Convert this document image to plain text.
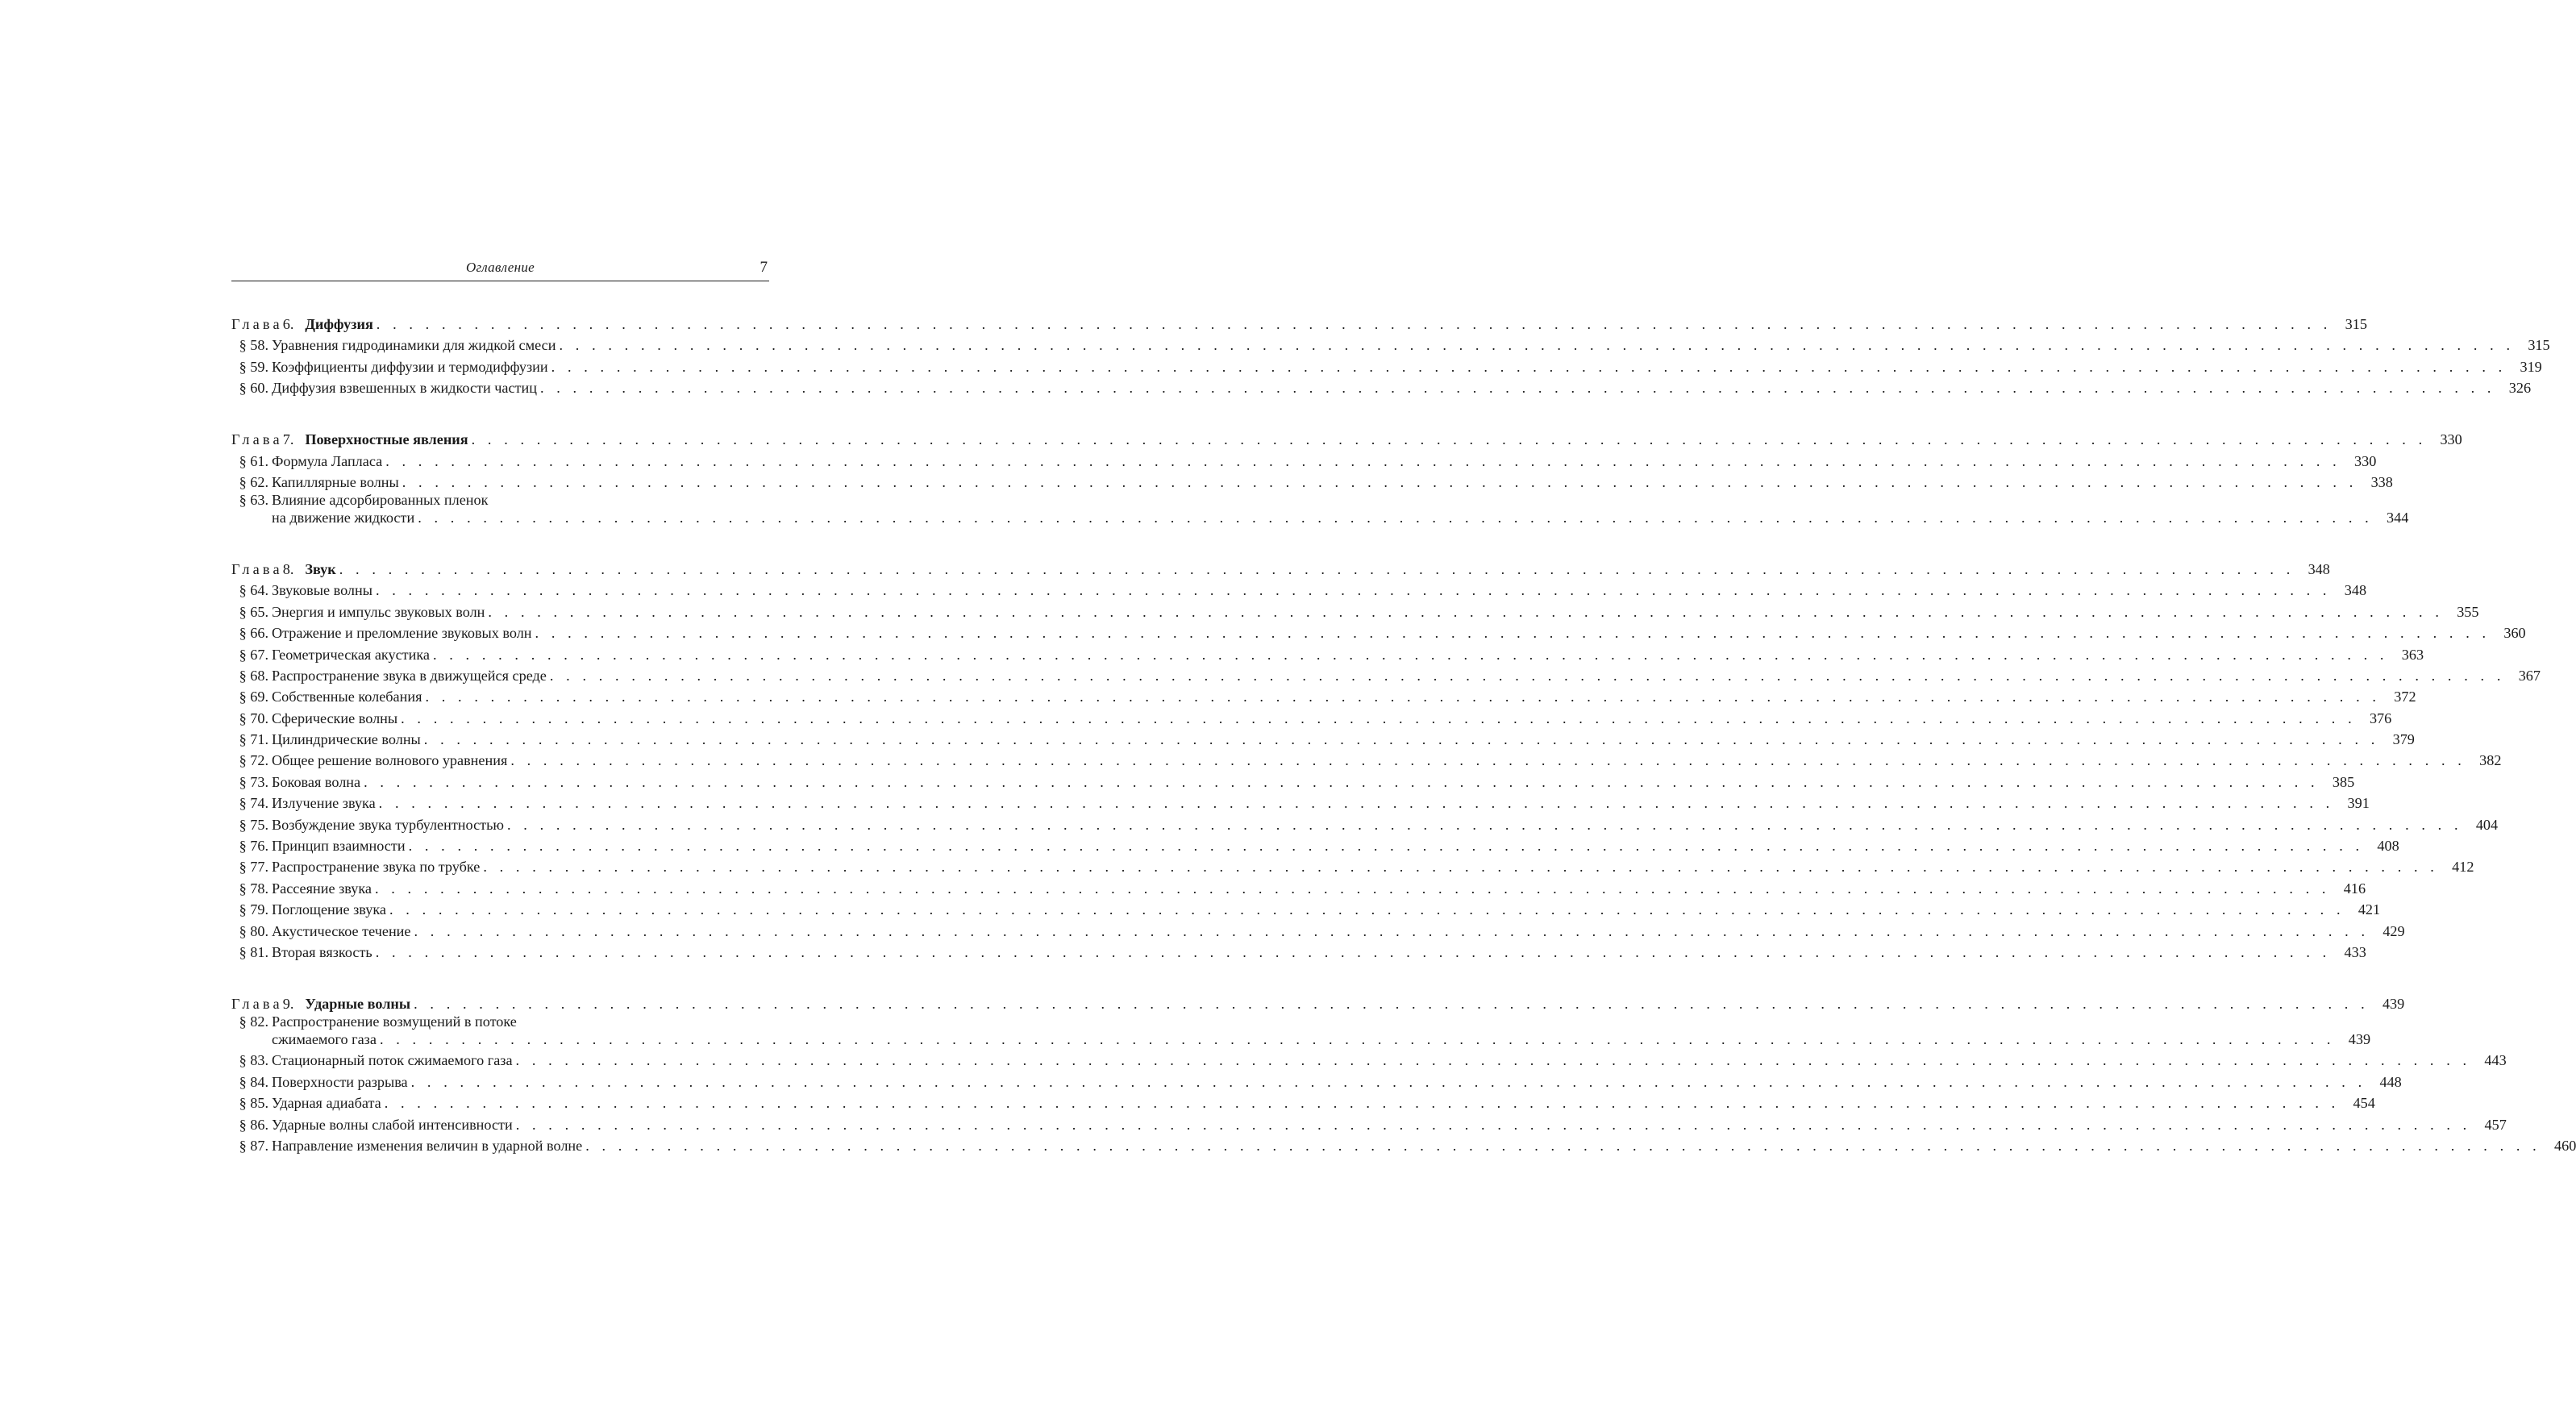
Оглавление	7
Глава 6. Диффузия . . . . . . . . . . . . . . . . . . . . . . . . . . . . . . . . . . . . . . . . . . . . . . . . . . . . . . . . . . . . . . . . . . . . . . . . . . . . . . . . . . . . . . . . . . . . . . . . . . . . . . . . . . . . . . . . . . . . . . . . 315
§ 58. Уравнения гидродинамики для жидкой смеси . . . . . . . . . . . . . . . . . . . . . . . . . . . . . . . . . . . . . . . . . . . . . . . . . . . . . . . . . . . . . . . . . . . . . . . . . . . . . . . . . . . . . . . . . . . . . . . . . . . . . . . . . . . . . . . . . . . . . . . . 315
§ 59. Коэффициенты диффузии и термодиффузии . . . . . . . . . . . . . . . . . . . . . . . . . . . . . . . . . . . . . . . . . . . . . . . . . . . . . . . . . . . . . . . . . . . . . . . . . . . . . . . . . . . . . . . . . . . . . . . . . . . . . . . . . . . . . . . . . . . . . . . . 319
§ 60. Диффузия взвешенных в жидкости частиц . . . . . . . . . . . . . . . . . . . . . . . . . . . . . . . . . . . . . . . . . . . . . . . . . . . . . . . . . . . . . . . . . . . . . . . . . . . . . . . . . . . . . . . . . . . . . . . . . . . . . . . . . . . . . . . . . . . . . . . . 326
Глава 7. Поверхностные явления . . . . . . . . . . . . . . . . . . . . . . . . . . . . . . . . . . . . . . . . . . . . . . . . . . . . . . . . . . . . . . . . . . . . . . . . . . . . . . . . . . . . . . . . . . . . . . . . . . . . . . . . . . . . . . . . . . . . . . . . 330
§ 61. Формула Лапласа . . . . . . . . . . . . . . . . . . . . . . . . . . . . . . . . . . . . . . . . . . . . . . . . . . . . . . . . . . . . . . . . . . . . . . . . . . . . . . . . . . . . . . . . . . . . . . . . . . . . . . . . . . . . . . . . . . . . . . . . 330
§ 62. Капиллярные волны . . . . . . . . . . . . . . . . . . . . . . . . . . . . . . . . . . . . . . . . . . . . . . . . . . . . . . . . . . . . . . . . . . . . . . . . . . . . . . . . . . . . . . . . . . . . . . . . . . . . . . . . . . . . . . . . . . . . . . . . 338
§ 63. Влияние адсорбированных пленок
на движение жидкости . . . . . . . . . . . . . . . . . . . . . . . . . . . . . . . . . . . . . . . . . . . . . . . . . . . . . . . . . . . . . . . . . . . . . . . . . . . . . . . . . . . . . . . . . . . . . . . . . . . . . . . . . . . . . . . . . . . . . . . . 344
Глава 8. Звук . . . . . . . . . . . . . . . . . . . . . . . . . . . . . . . . . . . . . . . . . . . . . . . . . . . . . . . . . . . . . . . . . . . . . . . . . . . . . . . . . . . . . . . . . . . . . . . . . . . . . . . . . . . . . . . . . . . . . . . . 348
§ 64. Звуковые волны . . . . . . . . . . . . . . . . . . . . . . . . . . . . . . . . . . . . . . . . . . . . . . . . . . . . . . . . . . . . . . . . . . . . . . . . . . . . . . . . . . . . . . . . . . . . . . . . . . . . . . . . . . . . . . . . . . . . . . . . 348
§ 65. Энергия и импульс звуковых волн . . . . . . . . . . . . . . . . . . . . . . . . . . . . . . . . . . . . . . . . . . . . . . . . . . . . . . . . . . . . . . . . . . . . . . . . . . . . . . . . . . . . . . . . . . . . . . . . . . . . . . . . . . . . . . . . . . . . . . . . 355
§ 66. Отражение и преломление звуковых волн . . . . . . . . . . . . . . . . . . . . . . . . . . . . . . . . . . . . . . . . . . . . . . . . . . . . . . . . . . . . . . . . . . . . . . . . . . . . . . . . . . . . . . . . . . . . . . . . . . . . . . . . . . . . . . . . . . . . . . . . 360
§ 67. Геометрическая акустика . . . . . . . . . . . . . . . . . . . . . . . . . . . . . . . . . . . . . . . . . . . . . . . . . . . . . . . . . . . . . . . . . . . . . . . . . . . . . . . . . . . . . . . . . . . . . . . . . . . . . . . . . . . . . . . . . . . . . . . . 363
§ 68. Распространение звука в движущейся среде . . . . . . . . . . . . . . . . . . . . . . . . . . . . . . . . . . . . . . . . . . . . . . . . . . . . . . . . . . . . . . . . . . . . . . . . . . . . . . . . . . . . . . . . . . . . . . . . . . . . . . . . . . . . . . . . . . . . . . . . 367
§ 69. Собственные колебания . . . . . . . . . . . . . . . . . . . . . . . . . . . . . . . . . . . . . . . . . . . . . . . . . . . . . . . . . . . . . . . . . . . . . . . . . . . . . . . . . . . . . . . . . . . . . . . . . . . . . . . . . . . . . . . . . . . . . . . . 372
§ 70. Сферические волны . . . . . . . . . . . . . . . . . . . . . . . . . . . . . . . . . . . . . . . . . . . . . . . . . . . . . . . . . . . . . . . . . . . . . . . . . . . . . . . . . . . . . . . . . . . . . . . . . . . . . . . . . . . . . . . . . . . . . . . . 376
§ 71. Цилиндрические волны . . . . . . . . . . . . . . . . . . . . . . . . . . . . . . . . . . . . . . . . . . . . . . . . . . . . . . . . . . . . . . . . . . . . . . . . . . . . . . . . . . . . . . . . . . . . . . . . . . . . . . . . . . . . . . . . . . . . . . . . 379
§ 72. Общее решение волнового уравнения . . . . . . . . . . . . . . . . . . . . . . . . . . . . . . . . . . . . . . . . . . . . . . . . . . . . . . . . . . . . . . . . . . . . . . . . . . . . . . . . . . . . . . . . . . . . . . . . . . . . . . . . . . . . . . . . . . . . . . . . 382
§ 73. Боковая волна . . . . . . . . . . . . . . . . . . . . . . . . . . . . . . . . . . . . . . . . . . . . . . . . . . . . . . . . . . . . . . . . . . . . . . . . . . . . . . . . . . . . . . . . . . . . . . . . . . . . . . . . . . . . . . . . . . . . . . . . 385
§ 74. Излучение звука . . . . . . . . . . . . . . . . . . . . . . . . . . . . . . . . . . . . . . . . . . . . . . . . . . . . . . . . . . . . . . . . . . . . . . . . . . . . . . . . . . . . . . . . . . . . . . . . . . . . . . . . . . . . . . . . . . . . . . . . 391
§ 75. Возбуждение звука турбулентностью . . . . . . . . . . . . . . . . . . . . . . . . . . . . . . . . . . . . . . . . . . . . . . . . . . . . . . . . . . . . . . . . . . . . . . . . . . . . . . . . . . . . . . . . . . . . . . . . . . . . . . . . . . . . . . . . . . . . . . . . 404
§ 76. Принцип взаимности . . . . . . . . . . . . . . . . . . . . . . . . . . . . . . . . . . . . . . . . . . . . . . . . . . . . . . . . . . . . . . . . . . . . . . . . . . . . . . . . . . . . . . . . . . . . . . . . . . . . . . . . . . . . . . . . . . . . . . . . 408
§ 77. Распространение звука по трубке . . . . . . . . . . . . . . . . . . . . . . . . . . . . . . . . . . . . . . . . . . . . . . . . . . . . . . . . . . . . . . . . . . . . . . . . . . . . . . . . . . . . . . . . . . . . . . . . . . . . . . . . . . . . . . . . . . . . . . . . 412
§ 78. Рассеяние звука . . . . . . . . . . . . . . . . . . . . . . . . . . . . . . . . . . . . . . . . . . . . . . . . . . . . . . . . . . . . . . . . . . . . . . . . . . . . . . . . . . . . . . . . . . . . . . . . . . . . . . . . . . . . . . . . . . . . . . . . 416
§ 79. Поглощение звука . . . . . . . . . . . . . . . . . . . . . . . . . . . . . . . . . . . . . . . . . . . . . . . . . . . . . . . . . . . . . . . . . . . . . . . . . . . . . . . . . . . . . . . . . . . . . . . . . . . . . . . . . . . . . . . . . . . . . . . . 421
§ 80. Акустическое течение . . . . . . . . . . . . . . . . . . . . . . . . . . . . . . . . . . . . . . . . . . . . . . . . . . . . . . . . . . . . . . . . . . . . . . . . . . . . . . . . . . . . . . . . . . . . . . . . . . . . . . . . . . . . . . . . . . . . . . . . 429
§ 81. Вторая вязкость . . . . . . . . . . . . . . . . . . . . . . . . . . . . . . . . . . . . . . . . . . . . . . . . . . . . . . . . . . . . . . . . . . . . . . . . . . . . . . . . . . . . . . . . . . . . . . . . . . . . . . . . . . . . . . . . . . . . . . . . 433
Глава 9. Ударные волны . . . . . . . . . . . . . . . . . . . . . . . . . . . . . . . . . . . . . . . . . . . . . . . . . . . . . . . . . . . . . . . . . . . . . . . . . . . . . . . . . . . . . . . . . . . . . . . . . . . . . . . . . . . . . . . . . . . . . . . . 439
§ 82. Распространение возмущений в потоке
сжимаемого газа . . . . . . . . . . . . . . . . . . . . . . . . . . . . . . . . . . . . . . . . . . . . . . . . . . . . . . . . . . . . . . . . . . . . . . . . . . . . . . . . . . . . . . . . . . . . . . . . . . . . . . . . . . . . . . . . . . . . . . . . 439
§ 83. Стационарный поток сжимаемого газа . . . . . . . . . . . . . . . . . . . . . . . . . . . . . . . . . . . . . . . . . . . . . . . . . . . . . . . . . . . . . . . . . . . . . . . . . . . . . . . . . . . . . . . . . . . . . . . . . . . . . . . . . . . . . . . . . . . . . . . . 443
§ 84. Поверхности разрыва . . . . . . . . . . . . . . . . . . . . . . . . . . . . . . . . . . . . . . . . . . . . . . . . . . . . . . . . . . . . . . . . . . . . . . . . . . . . . . . . . . . . . . . . . . . . . . . . . . . . . . . . . . . . . . . . . . . . . . . . 448
§ 85. Ударная адиабата . . . . . . . . . . . . . . . . . . . . . . . . . . . . . . . . . . . . . . . . . . . . . . . . . . . . . . . . . . . . . . . . . . . . . . . . . . . . . . . . . . . . . . . . . . . . . . . . . . . . . . . . . . . . . . . . . . . . . . . . 454
§ 86. Ударные волны слабой интенсивности . . . . . . . . . . . . . . . . . . . . . . . . . . . . . . . . . . . . . . . . . . . . . . . . . . . . . . . . . . . . . . . . . . . . . . . . . . . . . . . . . . . . . . . . . . . . . . . . . . . . . . . . . . . . . . . . . . . . . . . . 457
§ 87. Направление изменения величин в ударной волне . . . . . . . . . . . . . . . . . . . . . . . . . . . . . . . . . . . . . . . . . . . . . . . . . . . . . . . . . . . . . . . . . . . . . . . . . . . . . . . . . . . . . . . . . . . . . . . . . . . . . . . . . . . . . . . . . . . . . . . . 460
